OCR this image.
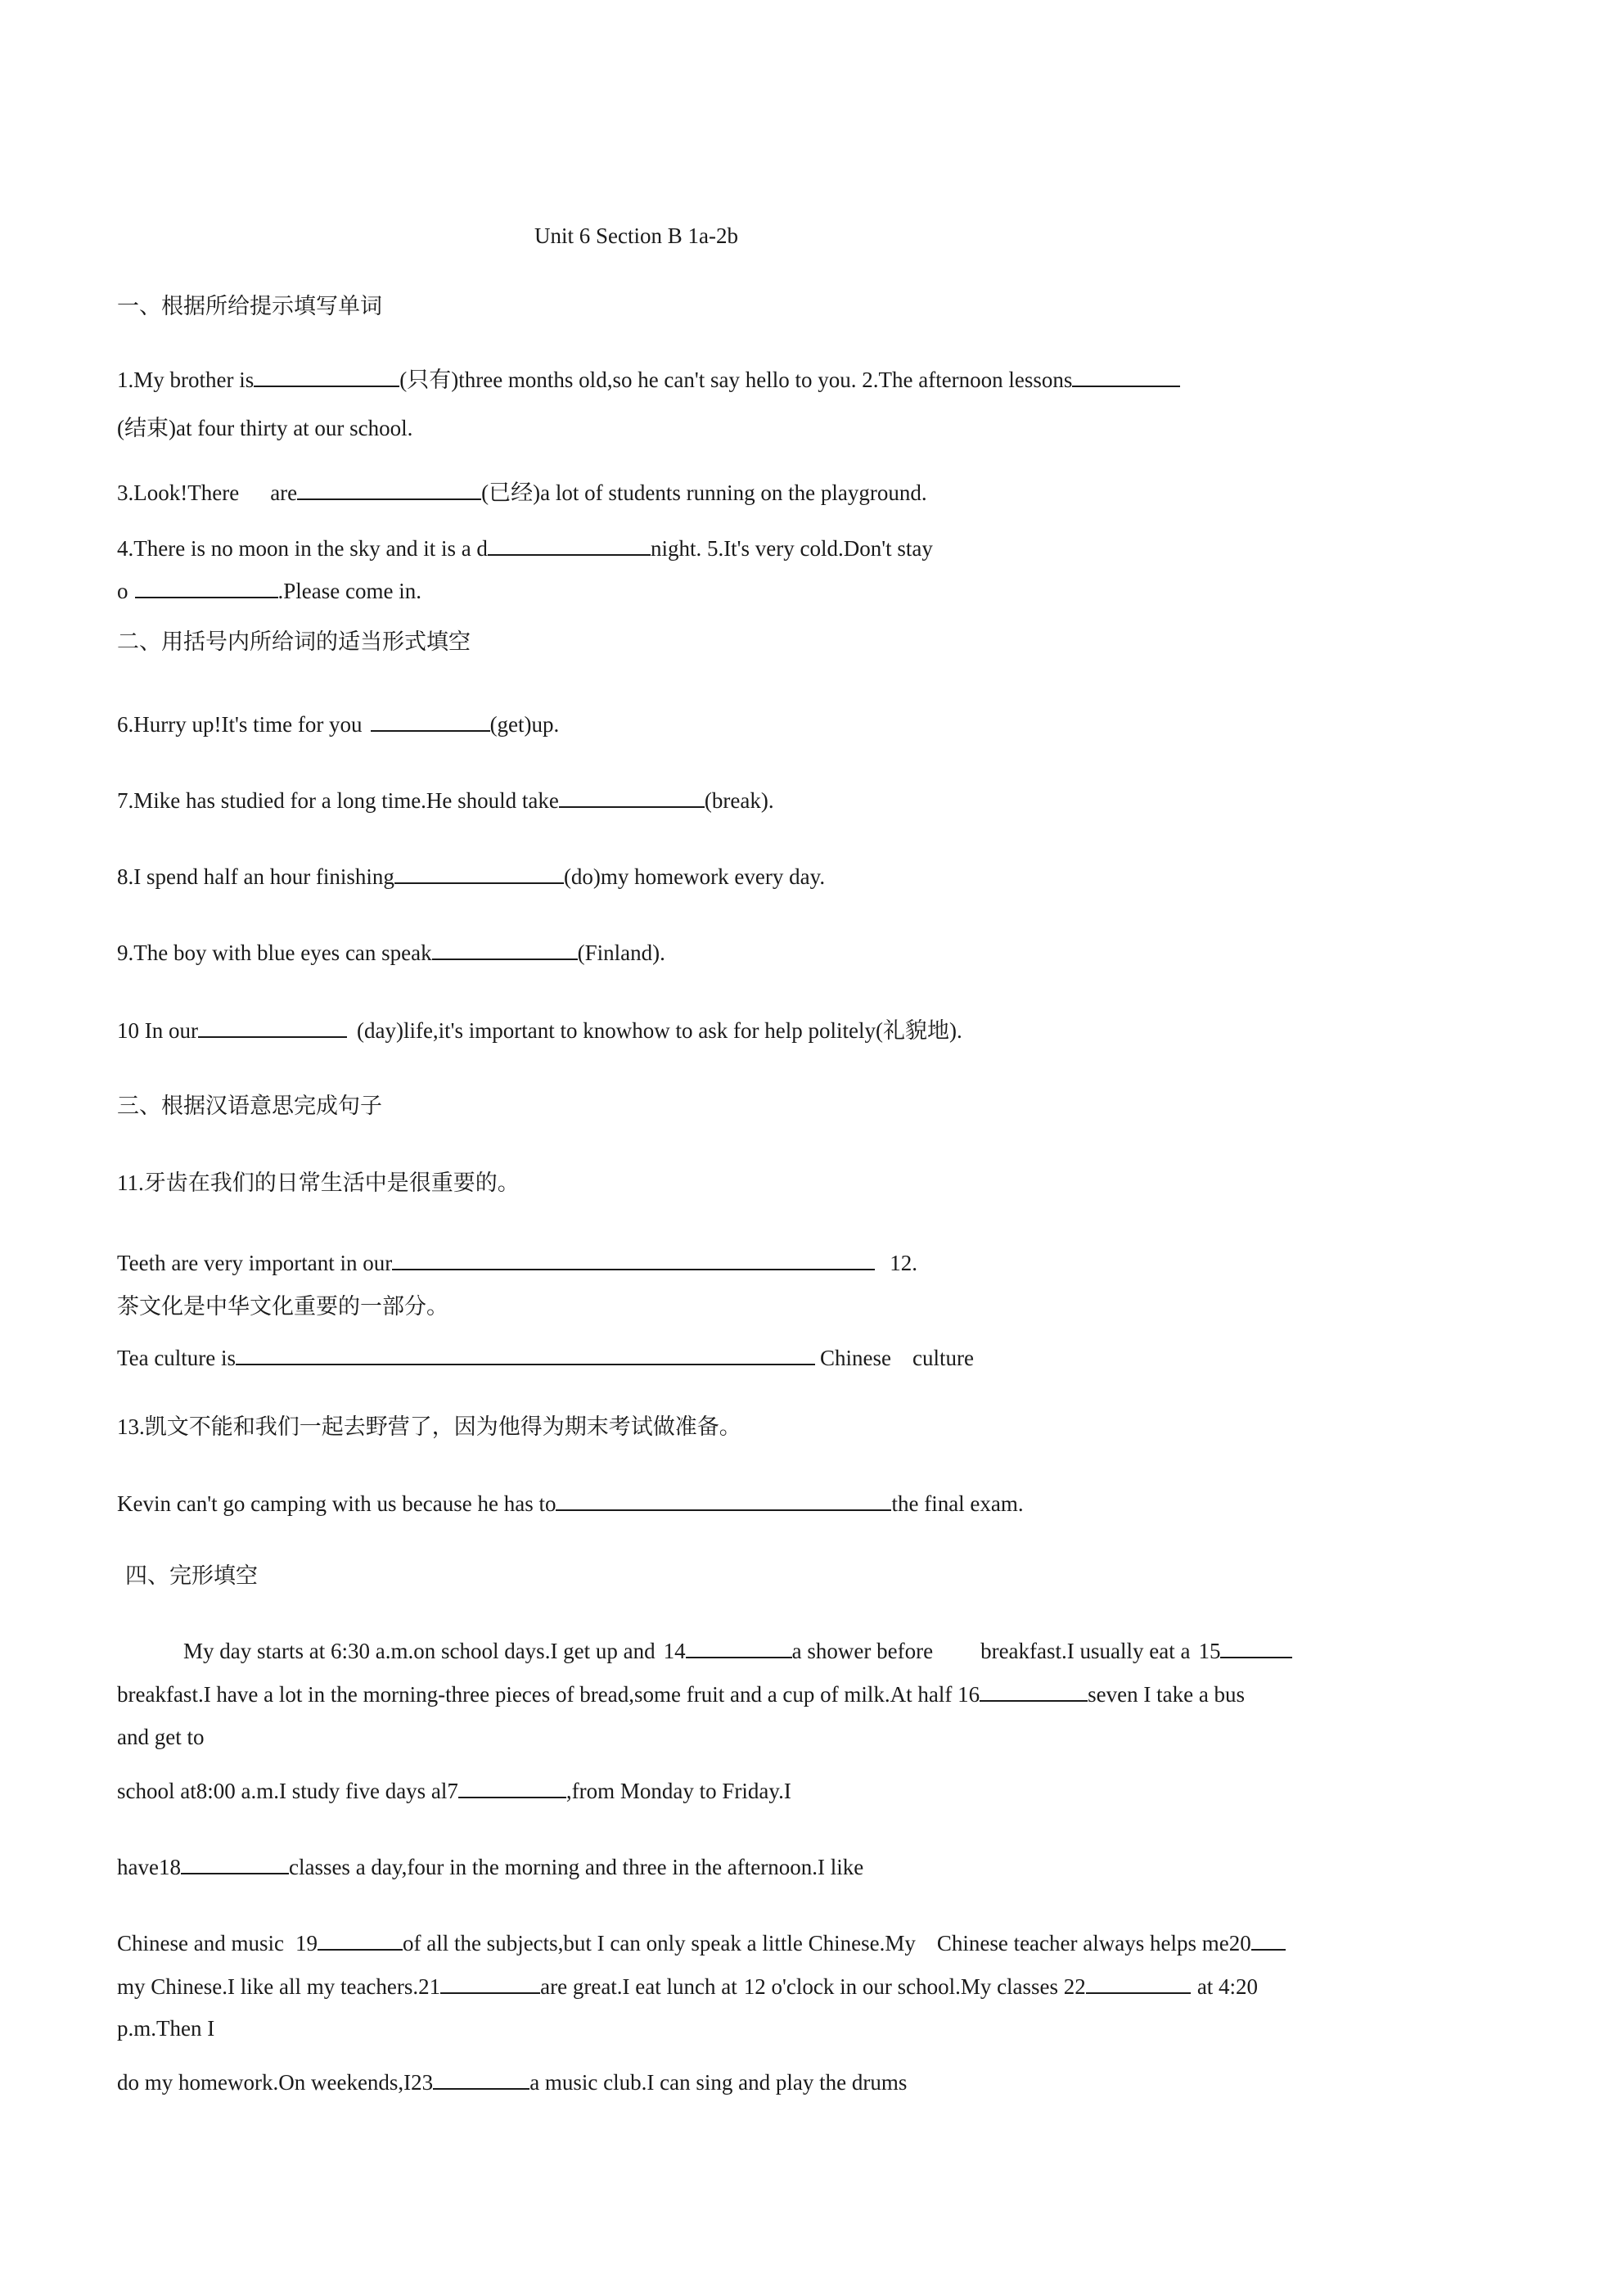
Unit 6 Section B 1a-2b
一、根据所给提示填写单词
1.My brother is	(只有)three months old,so he can't say hello to you. 2.The afternoon lessons
(结束)at four thirty at our school.
3.Look!There are	(已经)a lot of students running on the playground.
4.There is no moon in the sky and it is a d	night. 5.It's very cold.Don't stay
o	.Please come in.
二、用括号内所给词的适当形式填空
6.Hurry up!It's time for you	(get)up.
7.Mike has studied for a long time.He should take	(break).
8.I spend half an hour finishing	(do)my homework every day.
9.The boy with blue eyes can speak	(Finland).
10 In our	(day)life,it's important to knowhow to ask for help politely(礼貌地).
三、根据汉语意思完成句子
11.牙齿在我们的日常生活中是很重要的。
Teeth are very important in our	12.
茶文化是中华文化重要的一部分。
Tea culture is	Chinese culture
13.凯文不能和我们一起去野营了，因为他得为期末考试做准备。
Kevin can't go camping with us because he has to	the final exam.
四、完形填空
My day starts at 6:30 a.m.on school days.I get up and 14	a shower before breakfast.I usually eat a 15
breakfast.I have a lot in the morning-three pieces of bread,some fruit and a cup of milk.At half 16	seven I take a bus
and get to
school at8:00 a.m.I study five days al7	,from Monday to Friday.I
have18	classes a day,four in the morning and three in the afternoon.I like
Chinese and music 19	of all the subjects,but I can only speak a little Chinese.My Chinese teacher always helps me20
my Chinese.I like all my teachers.21	are great.I eat lunch at 12 o'clock in our school.My classes 22	at 4:20
p.m.Then I
do my homework.On weekends,I23	a music club.I can sing and play the drums
